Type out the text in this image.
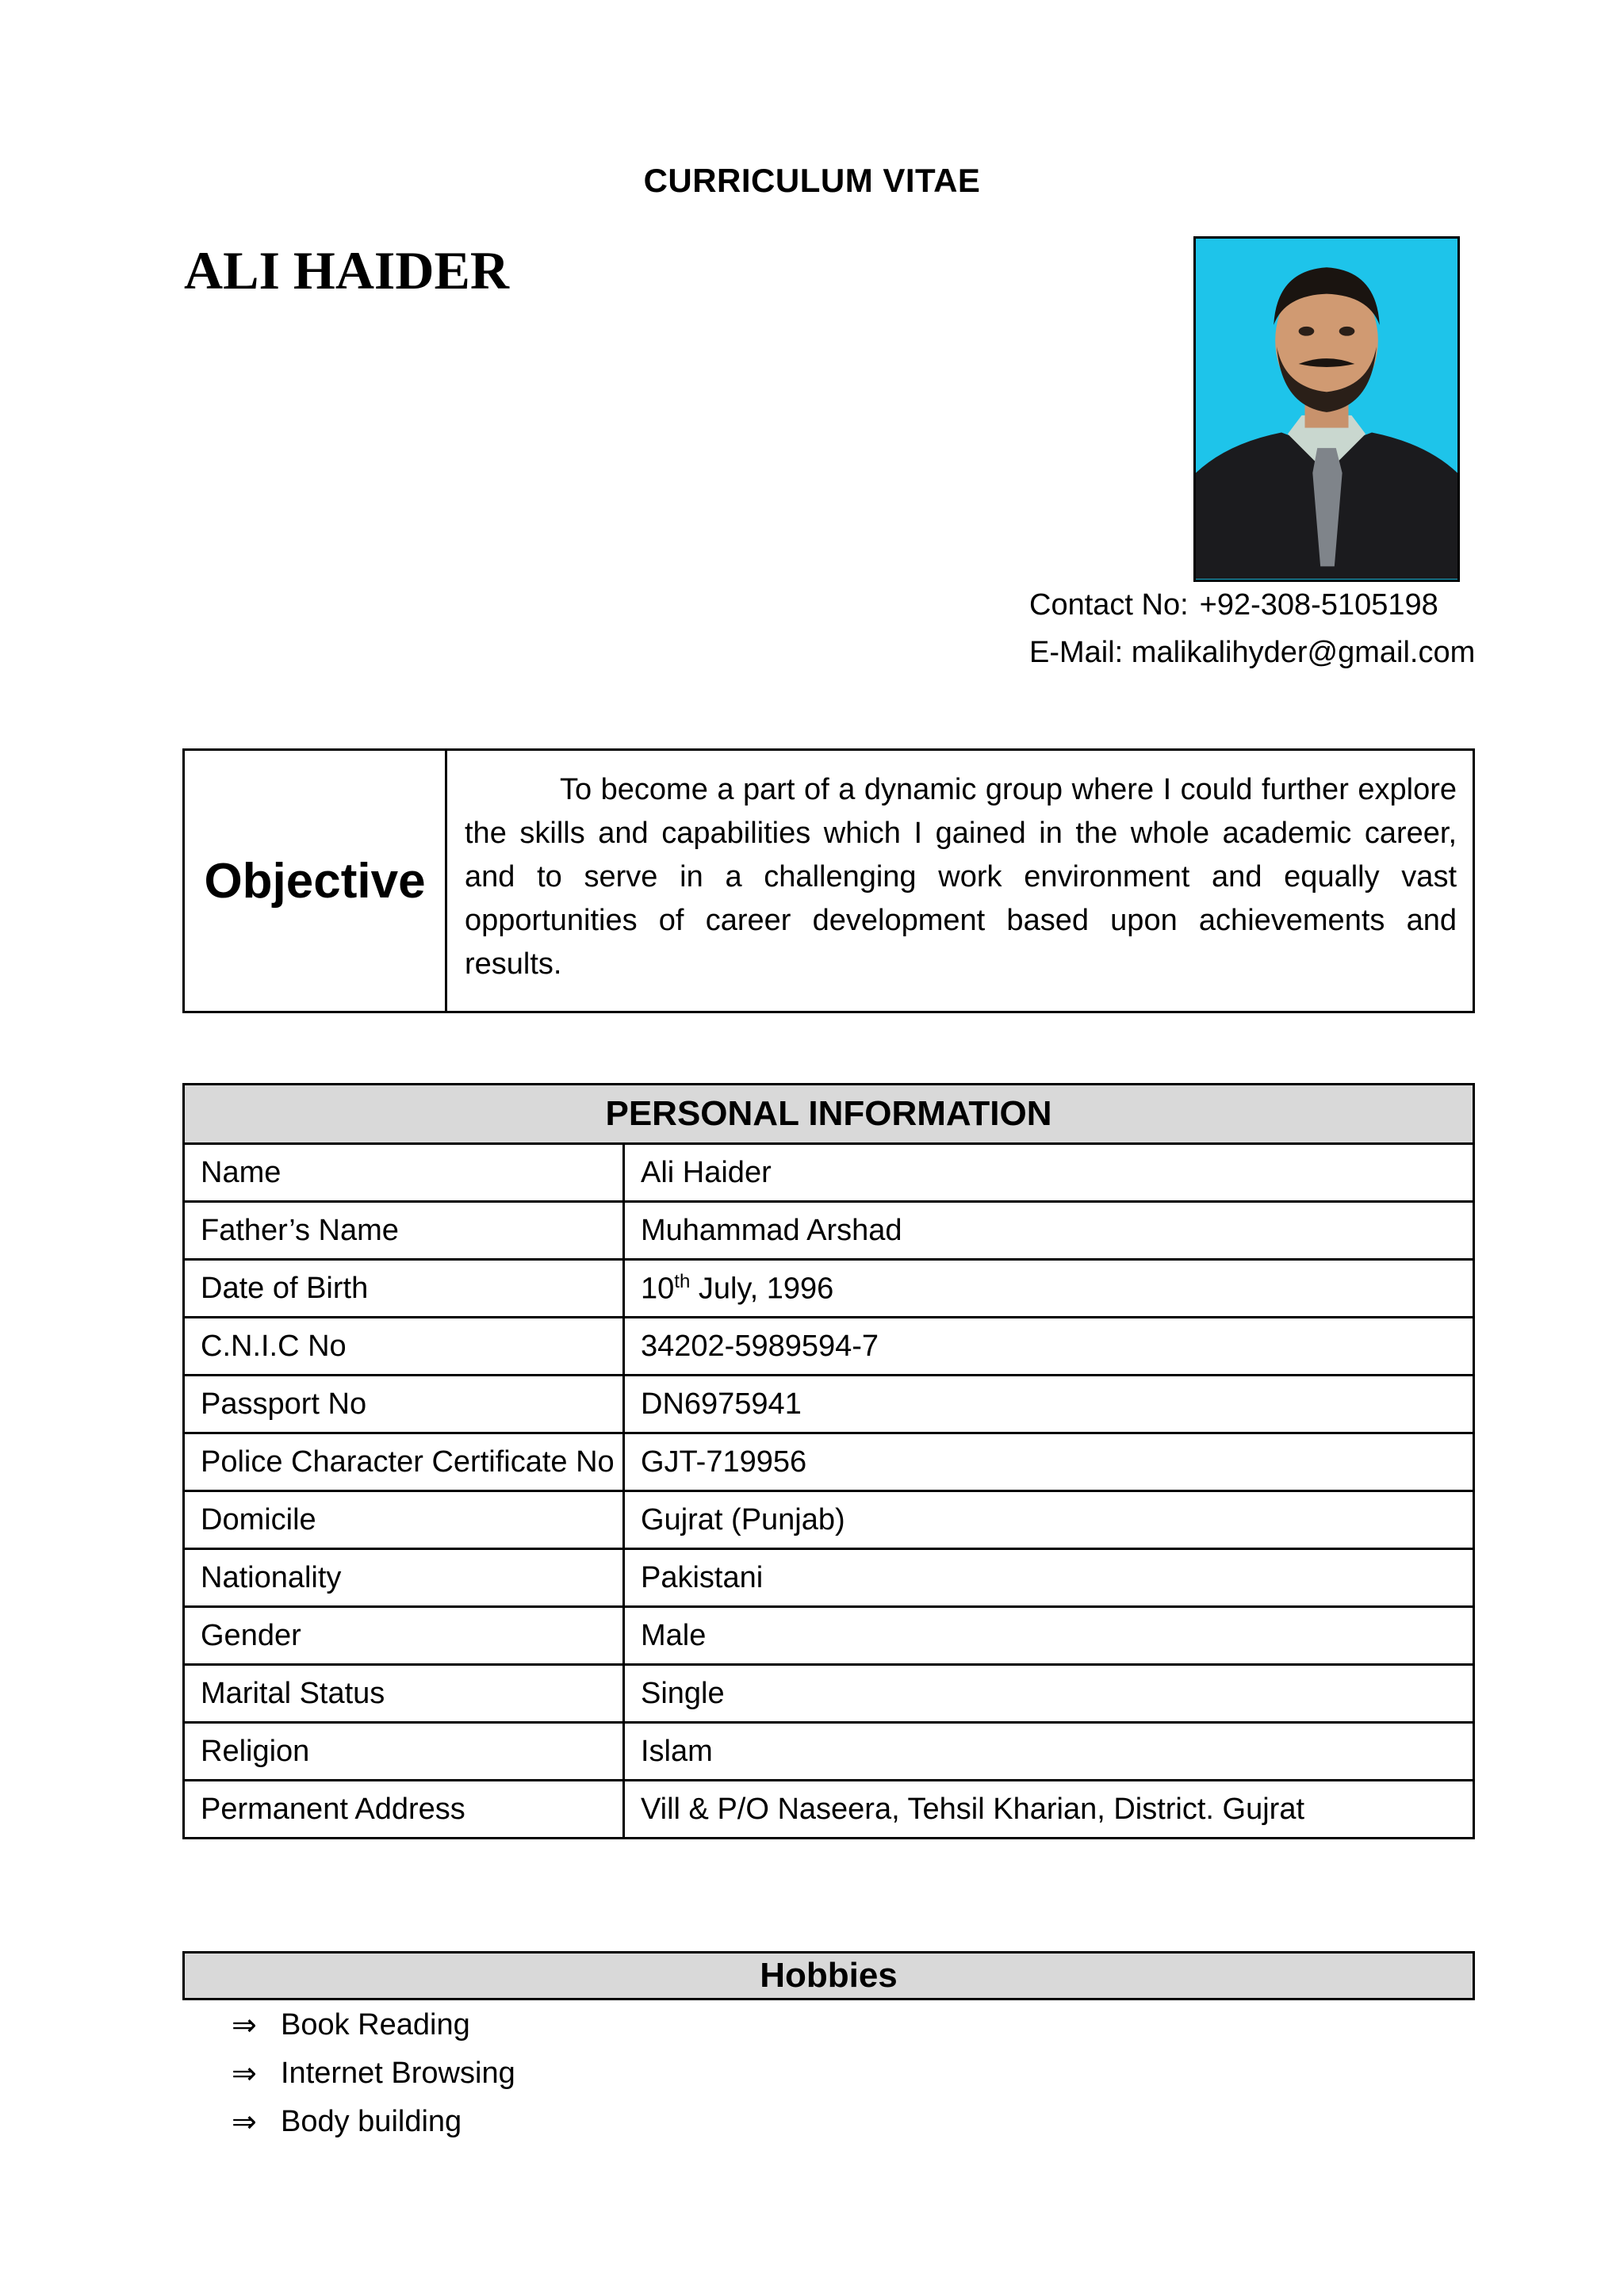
CURRICULUM VITAE
ALI HAIDER
Contact No: +92-308-5105198
E-Mail: malikalihyder@gmail.com
Objective
To become a part of a dynamic group where I could further explore the skills and capabilities which I gained in the whole academic career, and to serve in a challenging work environment and equally vast opportunities of career development based upon achievements and results.
PERSONAL INFORMATION	
Name	Ali Haider
Father’s Name	Muhammad Arshad
Date of Birth	10th July, 1996
C.N.I.C No	34202-5989594-7
Passport No	DN6975941
Police Character Certificate No	GJT-719956
Domicile	Gujrat (Punjab)
Nationality	Pakistani
Gender	Male
Marital Status	Single
Religion	Islam
Permanent Address	Vill & P/O Naseera, Tehsil Kharian, District. Gujrat
Hobbies
⇒ Book Reading
⇒ Internet Browsing
⇒ Body building
